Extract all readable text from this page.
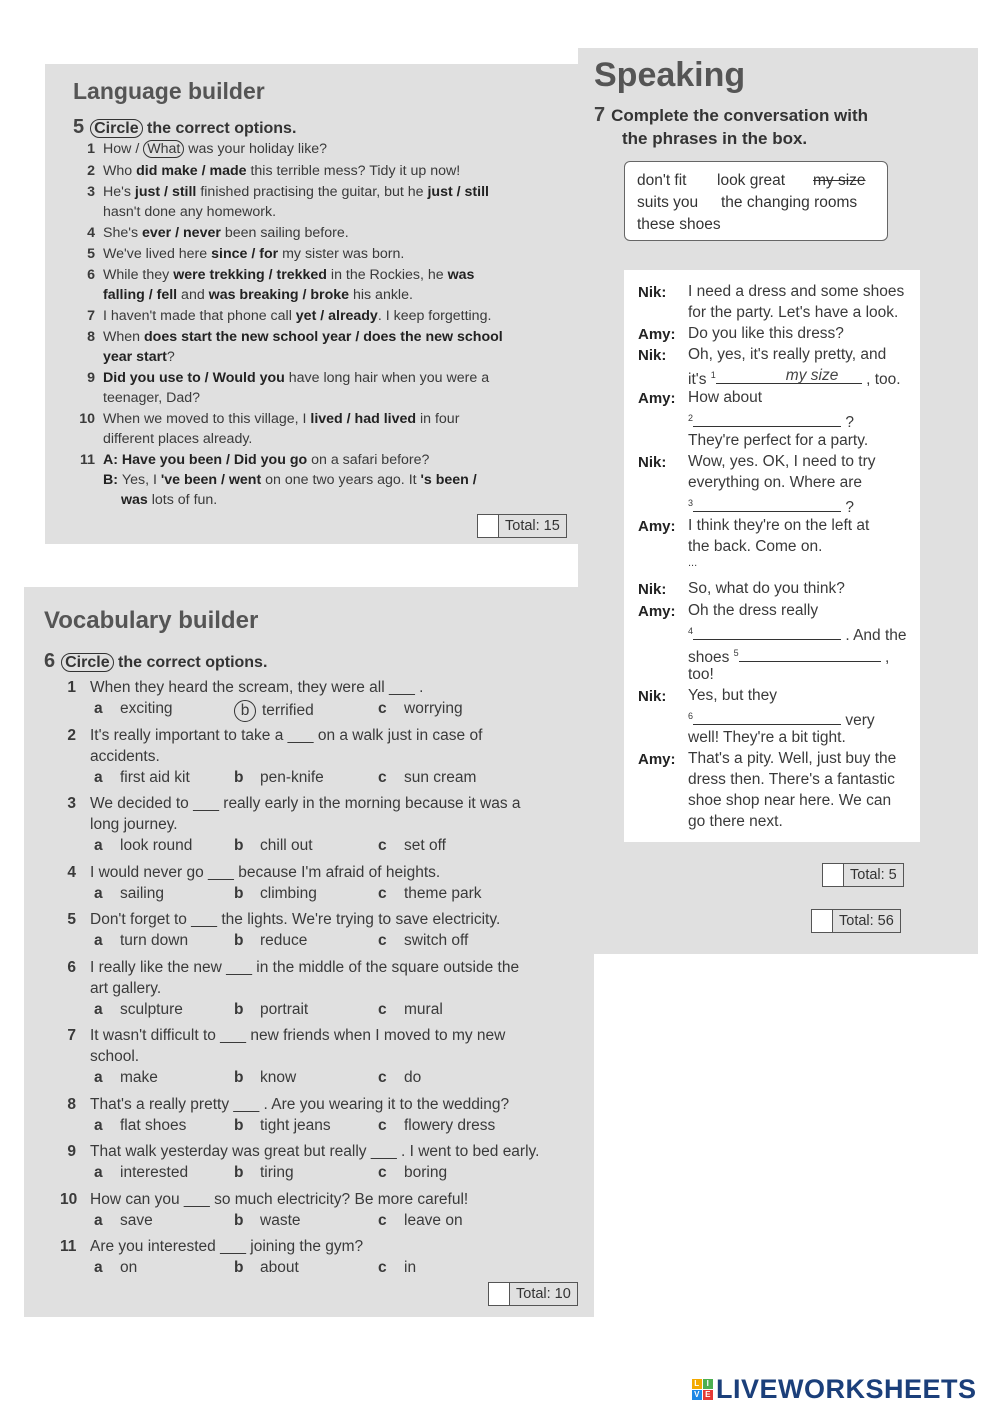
Language builder
5 Circle the correct options.
1 How / What was your holiday like?
2 Who did make / made this terrible mess? Tidy it up now!
3 He's just / still finished practising the guitar, but he just / still
hasn't done any homework.
4 She's ever / never been sailing before.
5 We've lived here since / for my sister was born.
6 While they were trekking / trekked in the Rockies, he was
falling / fell and was breaking / broke his ankle.
7 I haven't made that phone call yet / already. I keep forgetting.
8 When does start the new school year / does the new school
year start?
9 Did you use to / Would you have long hair when you were a
teenager, Dad?
10 When we moved to this village, I lived / had lived in four
different places already.
11 A: Have you been / Did you go on a safari before?
B: Yes, I 've been / went on one two years ago. It 's been /
was lots of fun.
Total: 15
Vocabulary builder
6 Circle the correct options.
1 When they heard the scream, they were all ___ .
a exciting	b terrified	c worrying
2 It's really important to take a ___ on a walk just in case of
accidents.
a first aid kit	b pen-knife	c sun cream
3 We decided to ___ really early in the morning because it was a
long journey.
a look round	b chill out	c set off
4 I would never go ___ because I'm afraid of heights.
a sailing	b climbing	c theme park
5 Don't forget to ___ the lights. We're trying to save electricity.
a turn down	b reduce	c switch off
6 I really like the new ___ in the middle of the square outside the
art gallery.
a sculpture	b portrait	c mural
7 It wasn't difficult to ___ new friends when I moved to my new
school.
a make	b know	c do
8 That's a really pretty ___ . Are you wearing it to the wedding?
a flat shoes	b tight jeans	c flowery dress
9 That walk yesterday was great but really ___ . I went to bed early.
a interested	b tiring	c boring
10 How can you ___ so much electricity? Be more careful!
a save	b waste	c leave on
11 Are you interested ___ joining the gym?
a on	b about	c in
Total: 10
Speaking
7 Complete the conversation with
the phrases in the box.
don't fit look great my size
suits you the changing rooms
these shoes
Nik: I need a dress and some shoes
for the party. Let's have a look.
Amy: Do you like this dress?
Nik: Oh, yes, it's really pretty, and
it's $^1$	my size , too.
Amy: How about
$^2$	?
They're perfect for a party.
Nik: Wow, yes. OK, I need to try
everything on. Where are
$^3$	?
Amy: I think they're on the left at
the back. Come on.
...
Nik: So, what do you think?
Amy: Oh the dress really
$^4$	. And the
shoes $^5$	,
too!
Nik: Yes, but they
$^6$	very
well! They're a bit tight.
Amy: That's a pity. Well, just buy the
dress then. There's a fantastic
shoe shop near here. We can
go there next.
Total: 5
Total: 56
L I
V E LIVEWORKSHEETS
